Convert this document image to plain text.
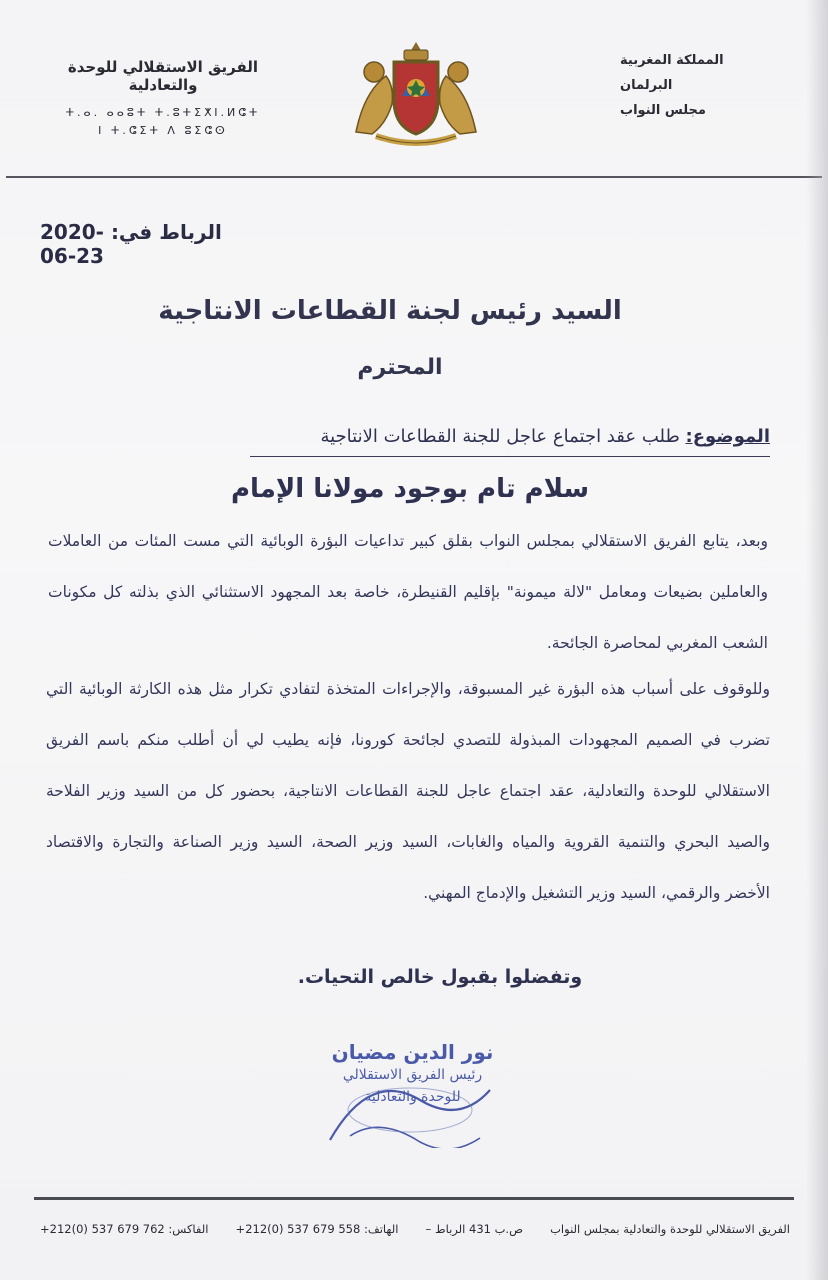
المملكة المغربية
البرلمان
مجلس النواب
الفريق الاستقلالي للوحدة والتعادلية
ⵜ.ⴰ. ⴰⴰⵓⵜ ⵜ.ⵓⵜⵉⵅⵏ.ⵍⵛⵜ
ⵏ ⵜ.ⵛⵉⵜ ⴷ ⵓⵉⵛⵙ
الرباط في: 2020-06-23
السيد رئيس لجنة القطاعات الانتاجية
المحترم
الموضوع: طلب عقد اجتماع عاجل للجنة القطاعات الانتاجية
سلام تام بوجود مولانا الإمام
وبعد، يتابع الفريق الاستقلالي بمجلس النواب بقلق كبير تداعيات البؤرة الوبائية التي مست المئات من العاملات والعاملين بضيعات ومعامل "لالة ميمونة" بإقليم القنيطرة، خاصة بعد المجهود الاستثنائي الذي بذلته كل مكونات الشعب المغربي لمحاصرة الجائحة.
وللوقوف على أسباب هذه البؤرة غير المسبوقة، والإجراءات المتخذة لتفادي تكرار مثل هذه الكارثة الوبائية التي تضرب في الصميم المجهودات المبذولة للتصدي لجائحة كورونا، فإنه يطيب لي أن أطلب منكم باسم الفريق الاستقلالي للوحدة والتعادلية، عقد اجتماع عاجل للجنة القطاعات الانتاجية، بحضور كل من السيد وزير الفلاحة والصيد البحري والتنمية القروية والمياه والغابات، السيد وزير الصحة، السيد وزير الصناعة والتجارة والاقتصاد الأخضر والرقمي، السيد وزير التشغيل والإدماج المهني.
وتفضلوا بقبول خالص التحيات.
نور الدين مضيان
رئيس الفريق الاستقلالي
للوحدة والتعادلية
الفريق الاستقلالي للوحدة والتعادلية بمجلس النواب
ص.ب 431 الرباط –
الهاتف: 558 679 537 (0)212+
الفاكس: 762 679 537 (0)212+
